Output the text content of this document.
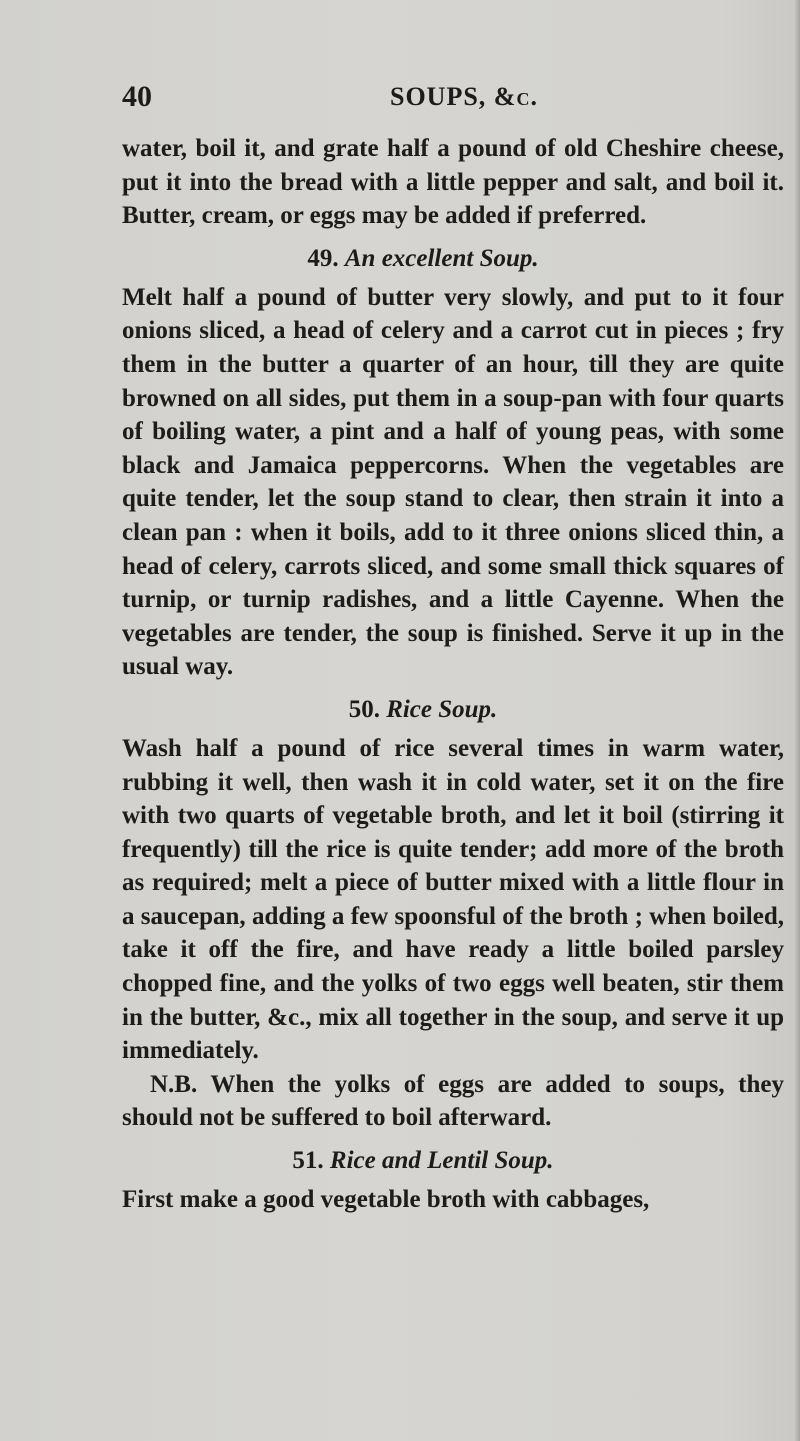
40	SOUPS, &c.

water, boil it, and grate half a pound of old Cheshire cheese, put it into the bread with a little pepper and salt, and boil it. Butter, cream, or eggs may be added if preferred.

49. An excellent Soup.

Melt half a pound of butter very slowly, and put to it four onions sliced, a head of celery and a carrot cut in pieces ; fry them in the butter a quarter of an hour, till they are quite browned on all sides, put them in a soup-pan with four quarts of boiling water, a pint and a half of young peas, with some black and Jamaica peppercorns. When the vegetables are quite tender, let the soup stand to clear, then strain it into a clean pan : when it boils, add to it three onions sliced thin, a head of celery, carrots sliced, and some small thick squares of turnip, or turnip radishes, and a little Cayenne. When the vegetables are tender, the soup is finished. Serve it up in the usual way.

50. Rice Soup.

Wash half a pound of rice several times in warm water, rubbing it well, then wash it in cold water, set it on the fire with two quarts of vegetable broth, and let it boil (stirring it frequently) till the rice is quite tender; add more of the broth as required; melt a piece of butter mixed with a little flour in a saucepan, adding a few spoonsful of the broth ; when boiled, take it off the fire, and have ready a little boiled parsley chopped fine, and the yolks of two eggs well beaten, stir them in the butter, &c., mix all together in the soup, and serve it up immediately.

N.B. When the yolks of eggs are added to soups, they should not be suffered to boil afterward.

51. Rice and Lentil Soup.

First make a good vegetable broth with cabbages,
